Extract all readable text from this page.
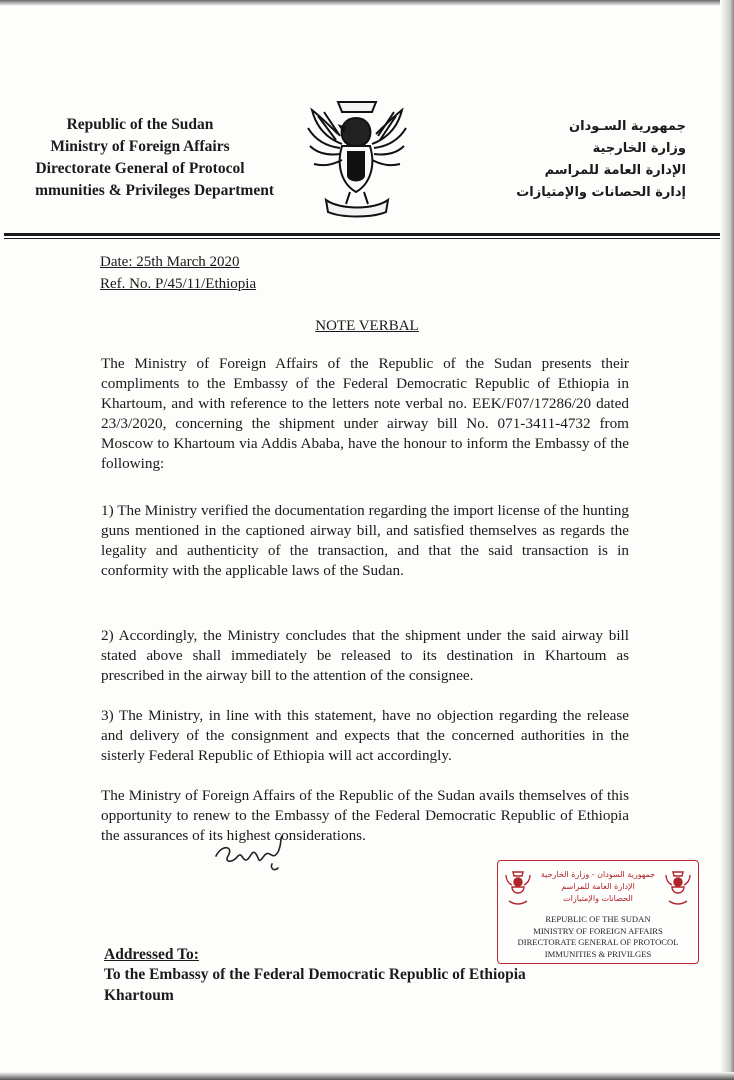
Republic of the Sudan
Ministry of Foreign Affairs
Directorate General of Protocol
mmunities & Privileges Department
جمهورية السـودان
وزارة الخارجية
الإدارة العامة للمراسم
إدارة الحصانات والإمتيازات
Date: 25th March 2020
Ref. No. P/45/11/Ethiopia
NOTE VERBAL
The Ministry of Foreign Affairs of the Republic of the Sudan presents their compliments to the Embassy of the Federal Democratic Republic of Ethiopia in Khartoum, and with reference to the letters note verbal no. EEK/F07/17286/20 dated 23/3/2020, concerning the shipment under airway bill No. 071-3411-4732 from Moscow to Khartoum via Addis Ababa, have the honour to inform the Embassy of the following:
1) The Ministry verified the documentation regarding the import license of the hunting guns mentioned in the captioned airway bill, and satisfied themselves as regards the legality and authenticity of the transaction, and that the said transaction is in conformity with the applicable laws of the Sudan.
2) Accordingly, the Ministry concludes that the shipment under the said airway bill stated above shall immediately be released to its destination in Khartoum as prescribed in the airway bill to the attention of the consignee.
3) The Ministry, in line with this statement, have no objection regarding the release and delivery of the consignment and expects that the concerned authorities in the sisterly Federal Republic of Ethiopia will act accordingly.
The Ministry of Foreign Affairs of the Republic of the Sudan avails themselves of this opportunity to renew to the Embassy of the Federal Democratic Republic of Ethiopia the assurances of its highest considerations.
جمهورية السودان - وزارة الخارجية
الإدارة العامة للمراسم
الحصانات والإمتيازات
REPUBLIC OF THE SUDAN
MINISTRY OF FOREIGN AFFAIRS
DIRECTORATE GENERAL OF PROTOCOL
IMMUNITIES & PRIVILGES
Addressed To:
To the Embassy of the Federal Democratic Republic of Ethiopia
Khartoum
